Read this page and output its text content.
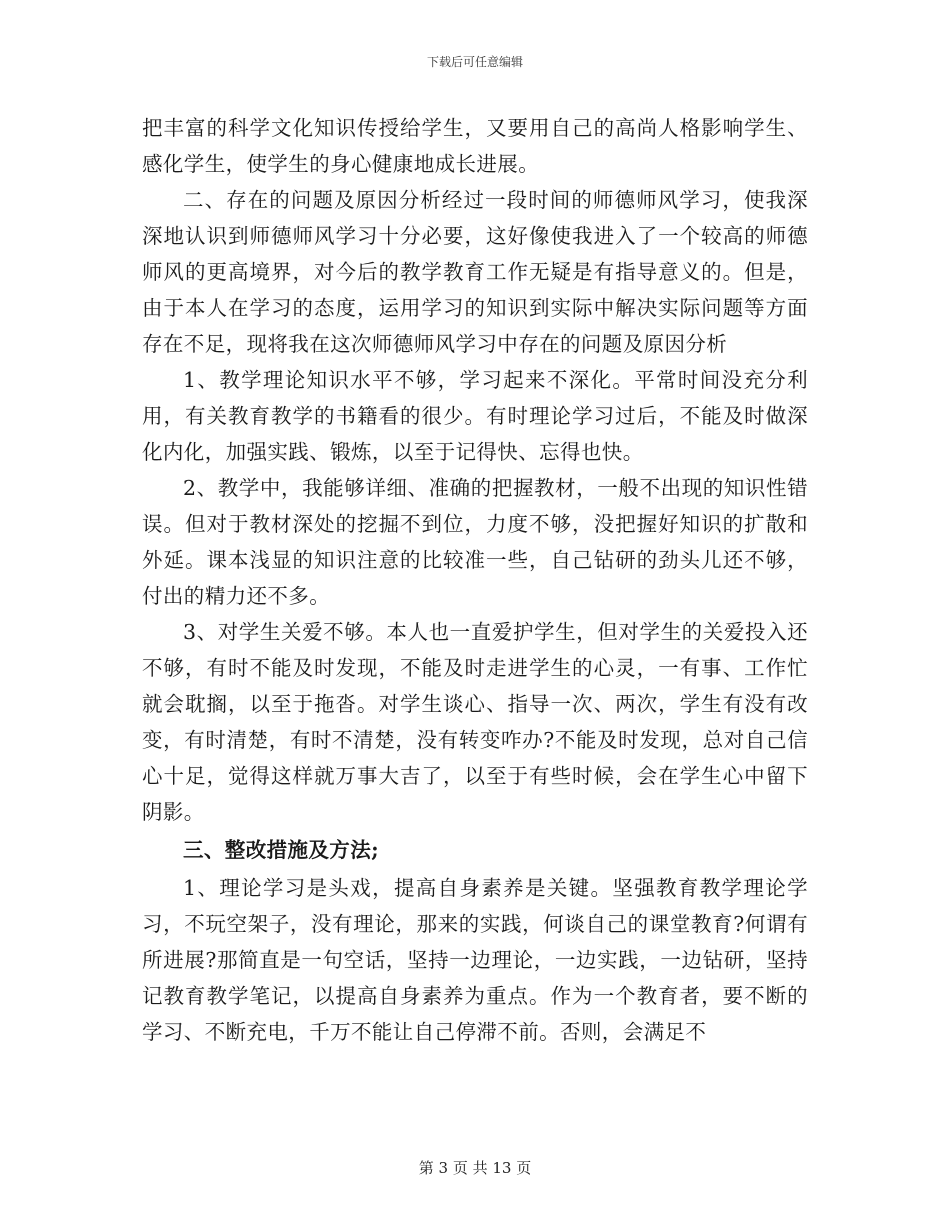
下载后可任意编辑

把丰富的科学文化知识传授给学生，又要用自己的高尚人格影响学生、感化学生，使学生的身心健康地成长进展。

二、存在的问题及原因分析经过一段时间的师德师风学习，使我深深地认识到师德师风学习十分必要，这好像使我进入了一个较高的师德师风的更高境界，对今后的教学教育工作无疑是有指导意义的。但是，由于本人在学习的态度，运用学习的知识到实际中解决实际问题等方面存在不足，现将我在这次师德师风学习中存在的问题及原因分析

1、教学理论知识水平不够，学习起来不深化。平常时间没充分利用，有关教育教学的书籍看的很少。有时理论学习过后，不能及时做深化内化，加强实践、锻炼，以至于记得快、忘得也快。

2、教学中，我能够详细、准确的把握教材，一般不出现的知识性错误。但对于教材深处的挖掘不到位，力度不够，没把握好知识的扩散和外延。课本浅显的知识注意的比较准一些，自己钻研的劲头儿还不够，付出的精力还不多。

3、对学生关爱不够。本人也一直爱护学生，但对学生的关爱投入还不够，有时不能及时发现，不能及时走进学生的心灵，一有事、工作忙就会耽搁，以至于拖沓。对学生谈心、指导一次、两次，学生有没有改变，有时清楚，有时不清楚，没有转变咋办?不能及时发现，总对自己信心十足，觉得这样就万事大吉了，以至于有些时候，会在学生心中留下阴影。

三、整改措施及方法;

1、理论学习是头戏，提高自身素养是关键。坚强教育教学理论学习，不玩空架子，没有理论，那来的实践，何谈自己的课堂教育?何谓有所进展?那简直是一句空话，坚持一边理论，一边实践，一边钻研，坚持记教育教学笔记，以提高自身素养为重点。作为一个教育者，要不断的学习、不断充电，千万不能让自己停滞不前。否则，会满足不

第 3 页 共 13 页
